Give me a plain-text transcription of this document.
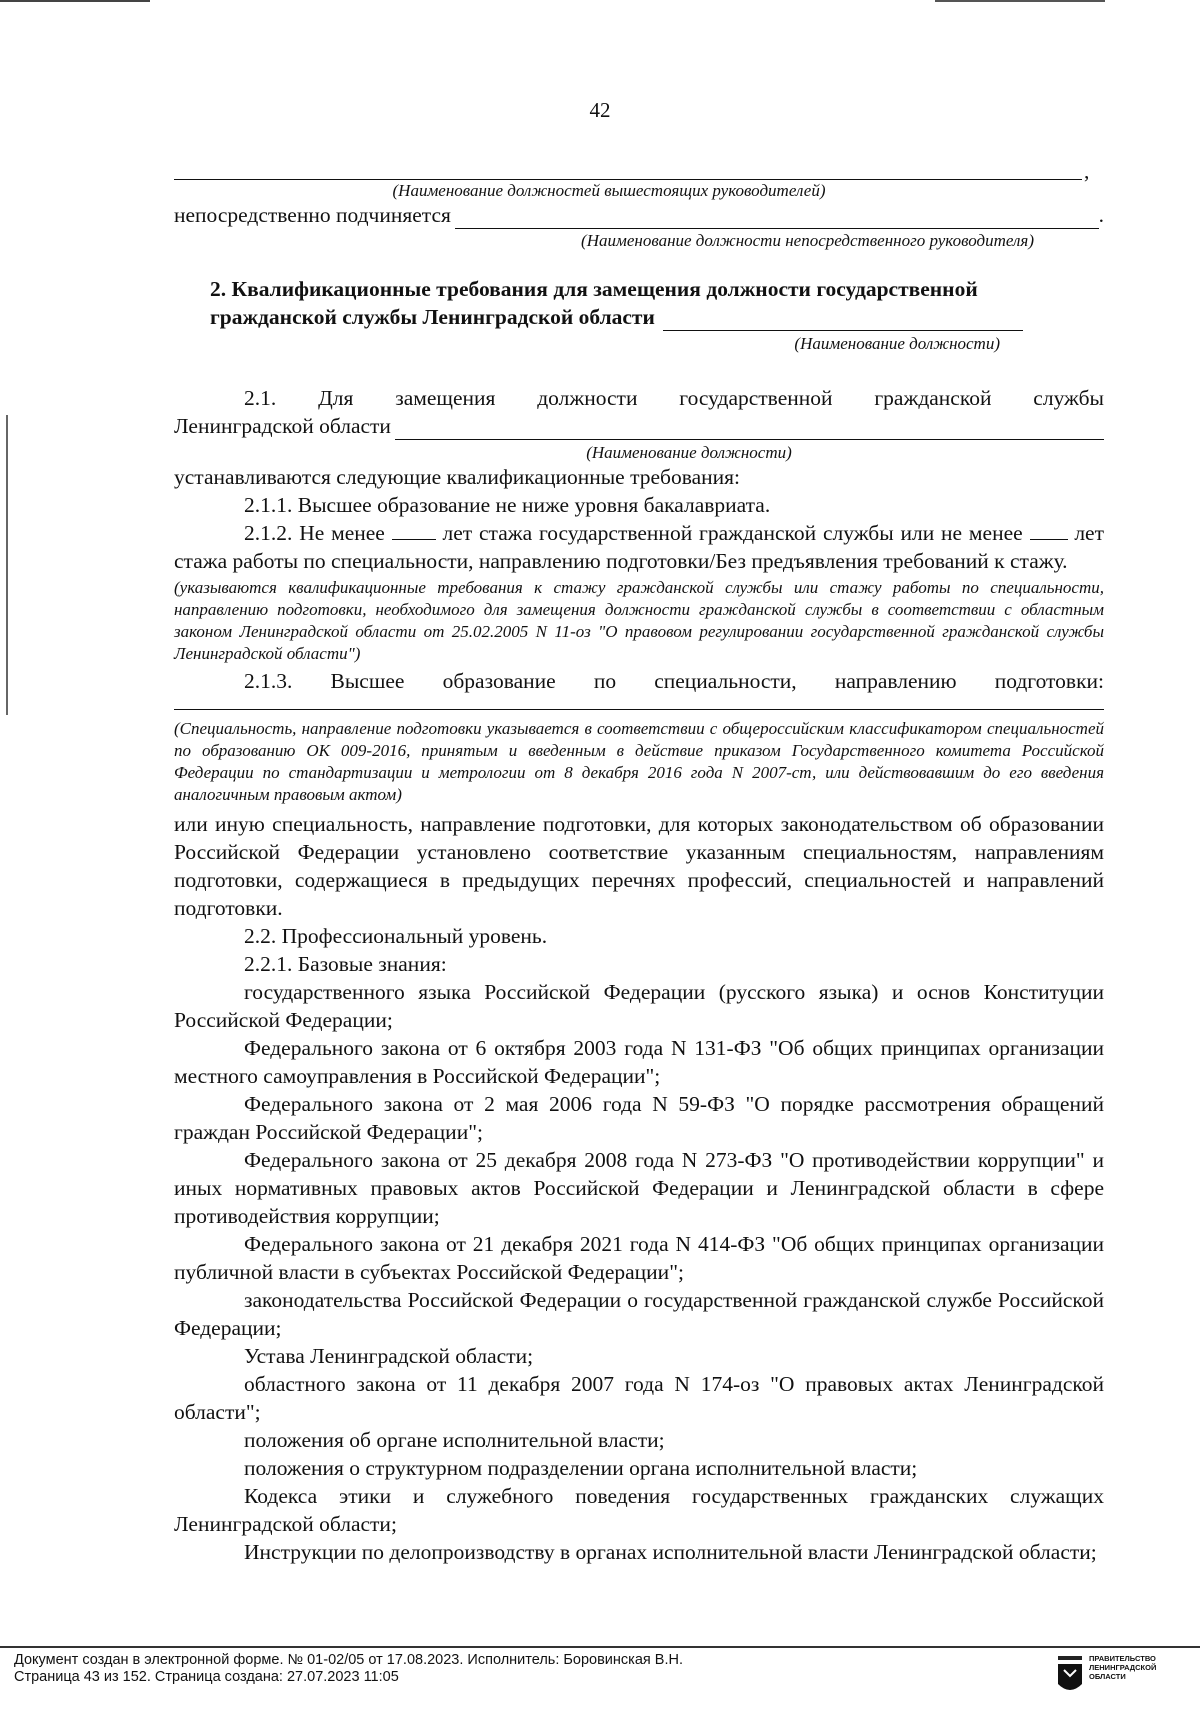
42
,

(Наименование должностей вышестоящих руководителей)

непосредственно подчиняется	.

(Наименование должности непосредственного руководителя)

2. Квалификационные требования для замещения должности государственной

гражданской службы Ленинградской области

(Наименование должности)

2.1. Для замещения должности государственной гражданской службы

Ленинградской области

(Наименование должности)

устанавливаются следующие квалификационные требования:

2.1.1. Высшее образование не ниже уровня бакалавриата.

2.1.2. Не менее	лет стажа государственной гражданской службы или не менее лет стажа работы по специальности, направлению подготовки/Без предъявления требований к стажу.

(указываются квалификационные требования к стажу гражданской службы или стажу работы по специальности, направлению подготовки, необходимого для замещения должности гражданской службы в соответствии с областным законом Ленинградской области от 25.02.2005 N 11-оз "О правовом регулировании государственной гражданской службы Ленинградской области")

2.1.3. Высшее образование по специальности, направлению подготовки:

(Специальность, направление подготовки указывается в соответствии с общероссийским классификатором специальностей по образованию ОК 009-2016, принятым и введенным в действие приказом Государственного комитета Российской Федерации по стандартизации и метрологии от 8 декабря 2016 года N 2007-ст, или действовавшим до его введения аналогичным правовым актом)

или иную специальность, направление подготовки, для которых законодательством об образовании Российской Федерации установлено соответствие указанным специальностям, направлениям подготовки, содержащиеся в предыдущих перечнях профессий, специальностей и направлений подготовки.

2.2. Профессиональный уровень.

2.2.1. Базовые знания:

государственного языка Российской Федерации (русского языка) и основ Конституции Российской Федерации;

Федерального закона от 6 октября 2003 года N 131-ФЗ "Об общих принципах организации местного самоуправления в Российской Федерации";

Федерального закона от 2 мая 2006 года N 59-ФЗ "О порядке рассмотрения обращений граждан Российской Федерации";

Федерального закона от 25 декабря 2008 года N 273-ФЗ "О противодействии коррупции" и иных нормативных правовых актов Российской Федерации и Ленинградской области в сфере противодействия коррупции;

Федерального закона от 21 декабря 2021 года N 414-ФЗ "Об общих принципах организации публичной власти в субъектах Российской Федерации";

законодательства Российской Федерации о государственной гражданской службе Российской Федерации;

Устава Ленинградской области;

областного закона от 11 декабря 2007 года N 174-оз "О правовых актах Ленинградской области";

положения об органе исполнительной власти;

положения о структурном подразделении органа исполнительной власти;

Кодекса этики и служебного поведения государственных гражданских служащих Ленинградской области;

Инструкции по делопроизводству в органах исполнительной власти Ленинградской области;

Документ создан в электронной форме. № 01-02/05 от 17.08.2023. Исполнитель: Боровинская В.Н.
Страница 43 из 152. Страница создана: 27.07.2023 11:05
ПРАВИТЕЛЬСТВО
ЛЕНИНГРАДСКОЙ
ОБЛАСТИ
